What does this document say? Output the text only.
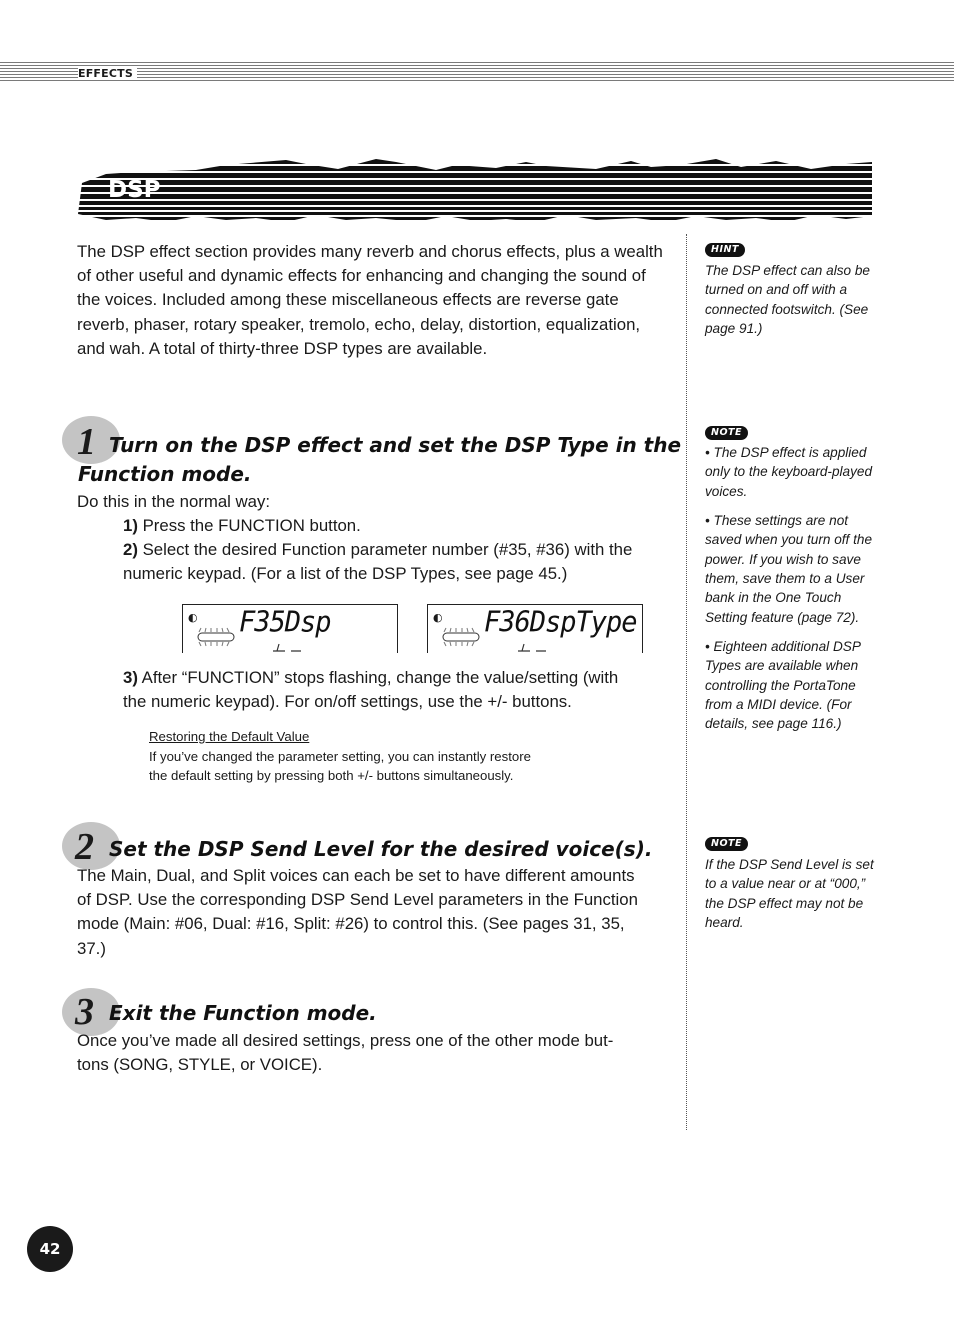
EFFECTS
DSP
The DSP effect section provides many reverb and chorus effects, plus a wealth of other useful and dynamic effects for enhancing and changing the sound of the voices. Included among these miscellaneous effects are reverse gate reverb, phaser, rotary speaker, tremolo, echo, delay, distortion, equalization, and wah. A total of thirty-three DSP types are available.
1 Turn on the DSP effect and set the DSP Type in the
Function mode.
Do this in the normal way:
1) Press the FUNCTION button.
2) Select the desired Function parameter number (#35, #36) with the
numeric keypad. (For a list of the DSP Types, see page 45.)
◐ F35Dsp	◐ F36DspType
3) After “FUNCTION” stops flashing, change the value/setting (with
the numeric keypad). For on/off settings, use the +/- buttons.
Restoring the Default Value
If you’ve changed the parameter setting, you can instantly restore
the default setting by pressing both +/- buttons simultaneously.
2 Set the DSP Send Level for the desired voice(s).
The Main, Dual, and Split voices can each be set to have different amounts
of DSP. Use the corresponding DSP Send Level parameters in the Function
mode (Main: #06, Dual: #16, Split: #26) to control this. (See pages 31, 35,
37.)
3 Exit the Function mode.
Once you’ve made all desired settings, press one of the other mode but-
tons (SONG, STYLE, or VOICE).
HINT
The DSP effect can also be turned on and off with a connected footswitch. (See page 91.)
NOTE

• The DSP effect is applied only to the keyboard-played voices.

• These settings are not saved when you turn off the power. If you wish to save them, save them to a User bank in the One Touch Setting feature (page 72).

• Eighteen additional DSP Types are available when controlling the PortaTone from a MIDI device. (For details, see page 116.)

NOTE
If the DSP Send Level is set to a value near or at “000,” the DSP effect may not be heard.
42
